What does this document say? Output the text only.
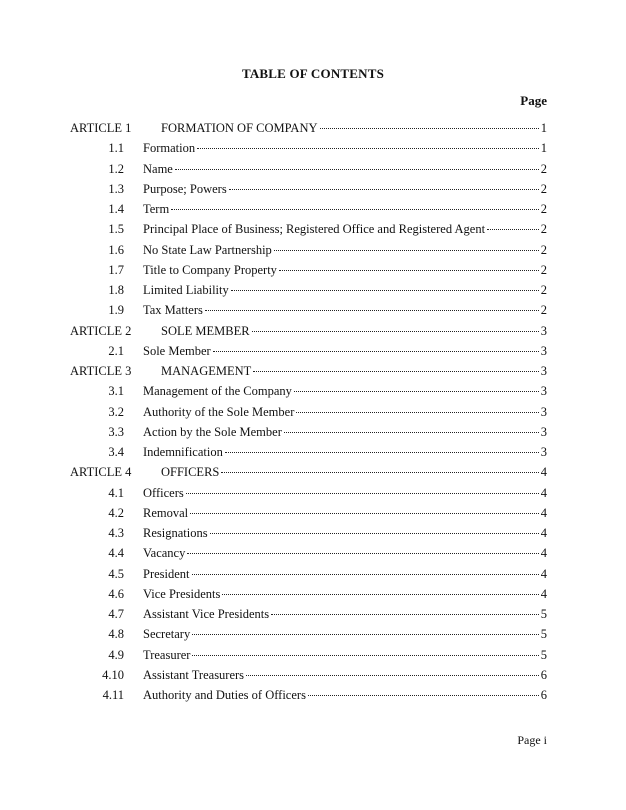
TABLE OF CONTENTS
Page
ARTICLE 1 FORMATION OF COMPANY	1
1.1 Formation	1
1.2 Name	2
1.3 Purpose; Powers	2
1.4 Term	2
1.5 Principal Place of Business; Registered Office and Registered Agent	2
1.6 No State Law Partnership	2
1.7 Title to Company Property	2
1.8 Limited Liability	2
1.9 Tax Matters	2
ARTICLE 2 SOLE MEMBER	3
2.1 Sole Member	3
ARTICLE 3 MANAGEMENT	3
3.1 Management of the Company	3
3.2 Authority of the Sole Member	3
3.3 Action by the Sole Member	3
3.4 Indemnification	3
ARTICLE 4 OFFICERS	4
4.1 Officers	4
4.2 Removal	4
4.3 Resignations	4
4.4 Vacancy	4
4.5 President	4
4.6 Vice Presidents	4
4.7 Assistant Vice Presidents	5
4.8 Secretary	5
4.9 Treasurer	5
4.10 Assistant Treasurers	6
4.11 Authority and Duties of Officers	6
Page i
